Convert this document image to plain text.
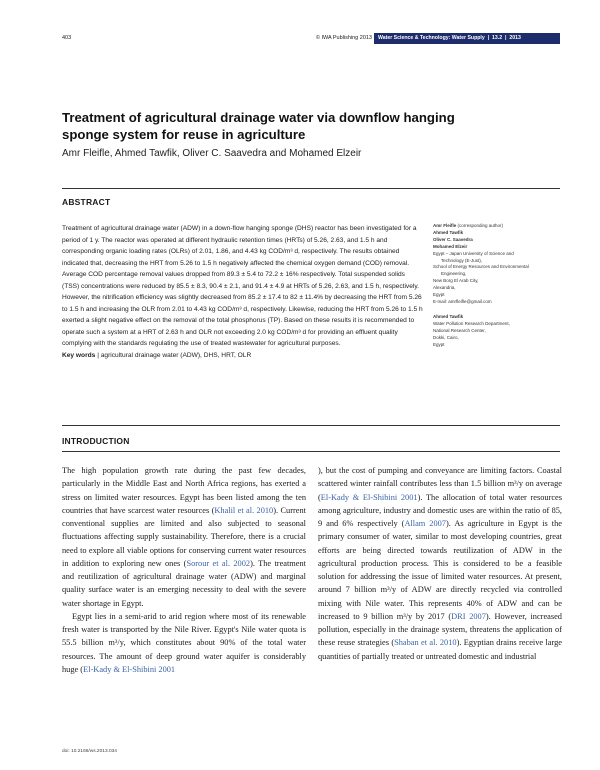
403	© IWA Publishing 2013	Water Science & Technology: Water Supply  |  13.2  |  2013
Treatment of agricultural drainage water via downflow hanging sponge system for reuse in agriculture
Amr Fleifle, Ahmed Tawfik, Oliver C. Saavedra and Mohamed Elzeir
ABSTRACT

Treatment of agricultural drainage water (ADW) in a down-flow hanging sponge (DHS) reactor has been investigated for a period of 1 y. The reactor was operated at different hydraulic retention times (HRTs) of 5.26, 2.63, and 1.5 h and corresponding organic loading rates (OLRs) of 2.01, 1.86, and 4.43 kg COD/m³ d, respectively. The results obtained indicated that, decreasing the HRT from 5.26 to 1.5 h negatively affected the chemical oxygen demand (COD) removal. Average COD percentage removal values dropped from 89.3 ± 5.4 to 72.2 ± 16% respectively. Total suspended solids (TSS) concentrations were reduced by 85.5 ± 8.3, 90.4 ± 2.1, and 91.4 ± 4.9 at HRTs of 5.26, 2.63, and 1.5 h, respectively. However, the nitrification efficiency was slightly decreased from 85.2 ± 17.4 to 82 ± 11.4% by decreasing the HRT from 5.26 to 1.5 h and increasing the OLR from 2.01 to 4.43 kg COD/m³ d, respectively. Likewise, reducing the HRT from 5.26 to 1.5 h exerted a slight negative effect on the removal of the total phosphorus (TP). Based on these results it is recommended to operate such a system at a HRT of 2.63 h and OLR not exceeding 2.0 kg COD/m³ d for providing an effluent quality complying with the standards regulating the use of treated wastewater for agricultural purposes.

Key words | agricultural drainage water (ADW), DHS, HRT, OLR

Amr Fleifle (corresponding author)
Ahmed Tawfik
Oliver C. Saavedra
Mohamed Elzeir
Egypt – Japan University of Science and
Technology (E-Just),
School of Energy Resources and Environmental
Engineering,
New Borg El Arab City,
Alexandria,
Egypt
E-mail: amrfleifle@gmail.com
Ahmed Tawfik
Water Pollution Research Department,
National Research Center,
Dokki, Cairo,
Egypt
INTRODUCTION

The high population growth rate during the past few decades, particularly in the Middle East and North Africa regions, has exerted a stress on limited water resources. Egypt has been listed among the ten countries that have scarcest water resources (Khalil et al. 2010). Current conventional supplies are limited and also subjected to seasonal fluctuations affecting supply sustainability. Therefore, there is a crucial need to explore all viable options for conserving current water resources in addition to exploring new ones (Sorour et al. 2002). The treatment and reutilization of agricultural drainage water (ADW) and marginal quality surface water is an emerging necessity to deal with the severe water shortage in Egypt.

Egypt lies in a semi-arid to arid region where most of its renewable fresh water is transported by the Nile River. Egypt's Nile water quota is 55.5 billion m³/y, which constitutes about 90% of the total water resources. The amount of deep ground water aquifer is considerably huge (El-Kady & El-Shibini 2001

), but the cost of pumping and conveyance are limiting factors. Coastal scattered winter rainfall contributes less than 1.5 billion m³/y on average (El-Kady & El-Shibini 2001). The allocation of total water resources among agriculture, industry and domestic uses are within the ratio of 85, 9 and 6% respectively (Allam 2007). As agriculture in Egypt is the primary consumer of water, similar to most developing countries, great efforts are being directed towards reutilization of ADW in the agricultural production process. This is considered to be a feasible solution for addressing the issue of limited water resources. At present, around 7 billion m³/y of ADW are directly recycled via controlled mixing with Nile water. This represents 40% of ADW and can be increased to 9 billion m³/y by 2017 (DRI 2007). However, increased pollution, especially in the drainage system, threatens the application of these reuse strategies (Shaban et al. 2010). Egyptian drains receive large quantities of partially treated or untreated domestic and industrial

doi: 10.2166/ws.2013.034
